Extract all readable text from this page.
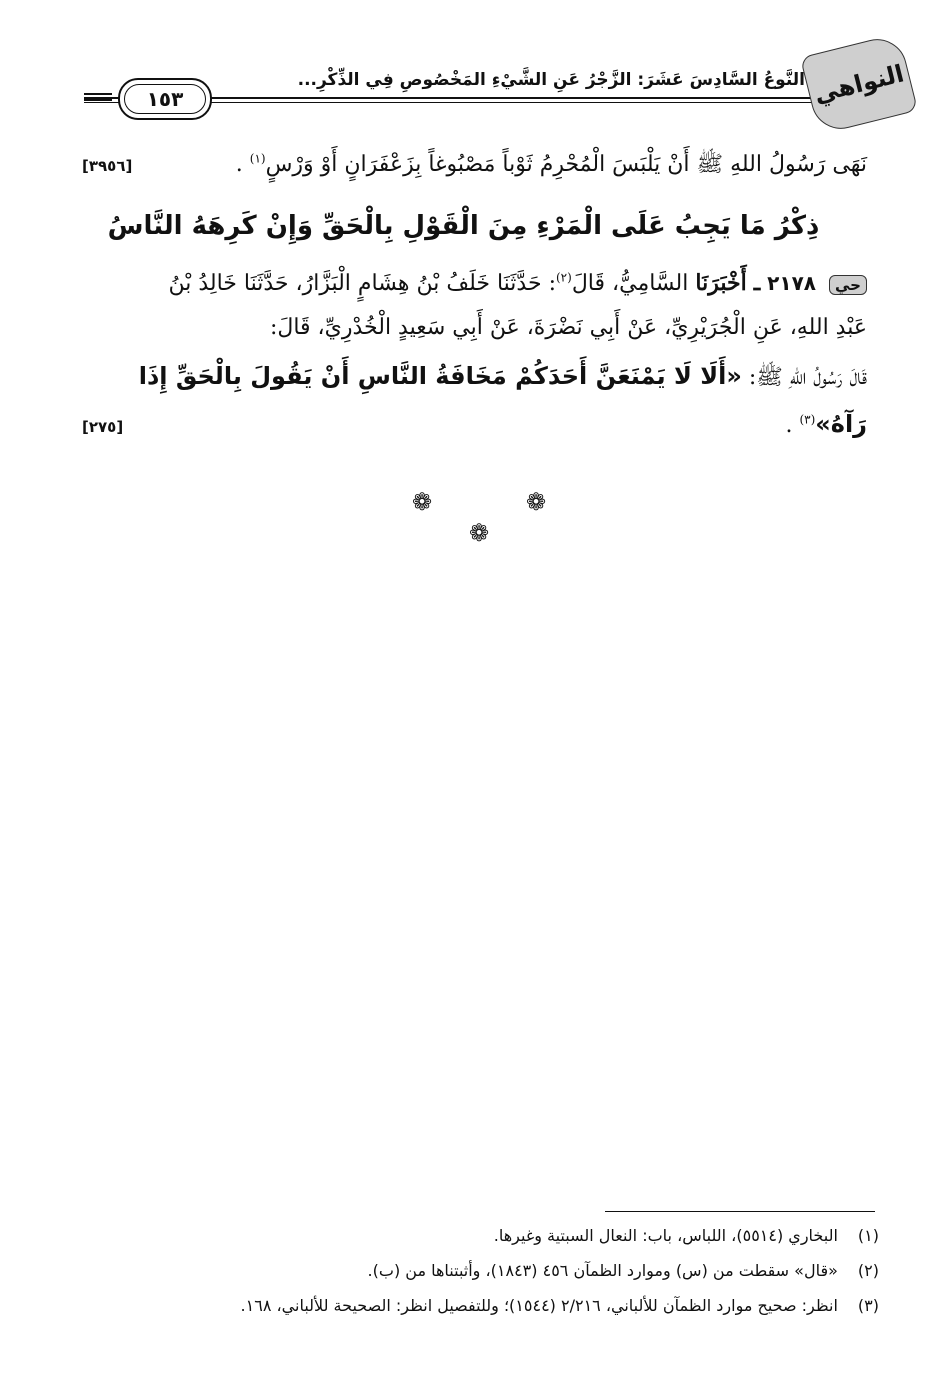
١٥٣
النَّوعُ السَّادِسَ عَشَرَ: الزَّجْرُ عَنِ الشَّيْءِ المَخْصُوصِ فِي الذِّكْرِ... النواهي
نَهَى رَسُولُ اللهِ ﷺ أَنْ يَلْبَسَ الْمُحْرِمُ ثَوْباً مَصْبُوغاً بِزَعْفَرَانٍ أَوْ وَرْسٍ$^{(١)}$ .
[٣٩٥٦]
ذِكْرُ مَا يَجِبُ عَلَى الْمَرْءِ مِنَ الْقَوْلِ بِالْحَقِّ وَإِنْ كَرِهَهُ النَّاسُ
حي ٢١٧٨ ـ أَخْبَرَنَا السَّامِيُّ، قَالَ$^{(٢)}$: حَدَّثَنَا خَلَفُ بْنُ هِشَامٍ الْبَزَّارُ، حَدَّثَنَا خَالِدُ بْنُ
عَبْدِ اللهِ، عَنِ الْجُرَيْرِيِّ، عَنْ أَبِي نَضْرَةَ، عَنْ أَبِي سَعِيدٍ الْخُدْرِيِّ، قَالَ:
قَالَ رَسُولُ اللهِ ﷺ: «أَلَا لَا يَمْنَعَنَّ أَحَدَكُمْ مَخَافَةُ النَّاسِ أَنْ يَقُولَ بِالْحَقِّ إِذَا
رَآهُ»$^{(٣)}$ .
[٢٧٥]
❁	❁
❁
(١) البخاري (٥٥١٤)، اللباس، باب: النعال السبتية وغيرها.
(٢) «قال» سقطت من (س) وموارد الظمآن ٤٥٦ (١٨٤٣)، وأثبتناها من (ب).
(٣) انظر: صحيح موارد الظمآن للألباني، ٢/٢١٦ (١٥٤٤)؛ وللتفصيل انظر: الصحيحة للألباني، ١٦٨.
